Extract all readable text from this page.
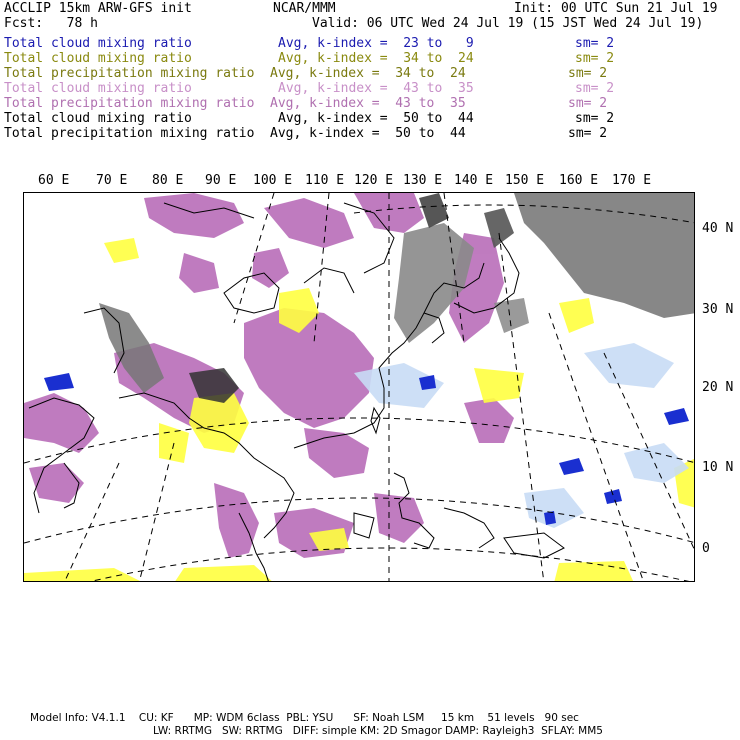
ACCLIP 15km ARW-GFS init	NCAR/MMM	Init: 00 UTC Sun 21 Jul 19
Fcst:   78 h	Valid: 06 UTC Wed 24 Jul 19 (15 JST Wed 24 Jul 19)
Total cloud mixing ratio	Avg, k-index =  23 to   9	sm= 2
Total cloud mixing ratio	Avg, k-index =  34 to  24	sm= 2
Total precipitation mixing ratio Avg, k-index =  34 to  24	sm= 2
Total cloud mixing ratio	Avg, k-index =  43 to  35	sm= 2
Total precipitation mixing ratio Avg, k-index =  43 to  35	sm= 2
Total cloud mixing ratio	Avg, k-index =  50 to  44	sm= 2
Total precipitation mixing ratio Avg, k-index =  50 to  44	sm= 2
60 E 70 E 80 E 90 E 100 E 110 E 120 E 130 E 140 E 150 E 160 E 170 E
40 N
30 N
20 N
10 N
0
Model Info: V4.1.1    CU: KF      MP: WDM 6class  PBL: YSU      SF: Noah LSM     15 km    51 levels   90 sec
LW: RRTMG   SW: RRTMG   DIFF: simple KM: 2D Smagor DAMP: Rayleigh3  SFLAY: MM5
